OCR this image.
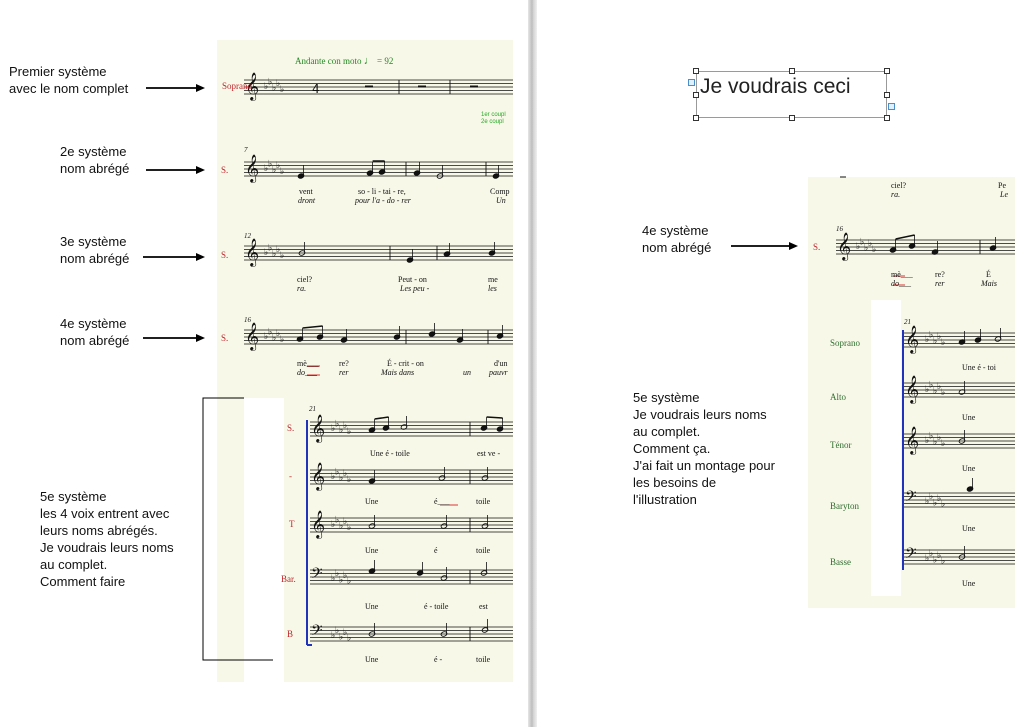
𝄞 ♭ ♭
♭ ♭
♭
𝄞 ♭ ♭
♭ ♭
♭
𝄞 ♭ ♭
♭ ♭
♭
𝄞 ♭ ♭
♭ ♭
♭
4
𝄞 ♭ ♭
♭ ♭
♭
𝄞 ♭ ♭
♭ ♭
♭
𝄞 ♭ ♭
♭ ♭
♭
𝄢 ♭ ♭
♭ ♭
♭
𝄢 ♭ ♭
♭ ♭
♭
𝄞 ♭ ♭
♭ ♭
♭
𝄞 ♭ ♭
♭ ♭
♭
𝄞 ♭ ♭
♭ ♭
♭
𝄞 ♭ ♭
♭ ♭
♭
𝄢 ♭ ♭
♭ ♭
♭
𝄢 ♭ ♭
♭ ♭
♭
Premier système
avec le nom complet
2e système
nom abrégé
3e système
nom abrégé
4e système
nom abrégé
5e système
les 4 voix entrent avec
leurs noms abrégés.
Je voudrais leurs noms
au complet.
Comment faire
Je voudrais ceci
4e système
nom abrégé
5e système
Je voudrais leurs noms
au complet.
Comment ça.
J'ai fait un montage pour
les besoins de
l'illustration
Andante con moto ♩ = 92
1er coupl
2e coupl
Soprano
S.
S.
S.
S.
-
T
Bar.
B
7
12
16
21
vent	so - li - tai - re,	Comp
dront	pour l'a - do - rer	Un
ciel?	Peut - on	me
ra.	Les peu -	les
mè___	re?	É - crit - on	d'un
do___	rer	Mais dans	un pauvr
Une é - toile	est ve -
Une	é___	toile
Une	é	toile
Une	é - toile	est
Une	é -	toile
ciel?	Pe
ra.	Le
S.
16
21
mè___	re?	É
do___	rer	Mais
Soprano
Alto
Ténor
Baryton
Basse
Une é - toi
Une
Une
Une
Une
